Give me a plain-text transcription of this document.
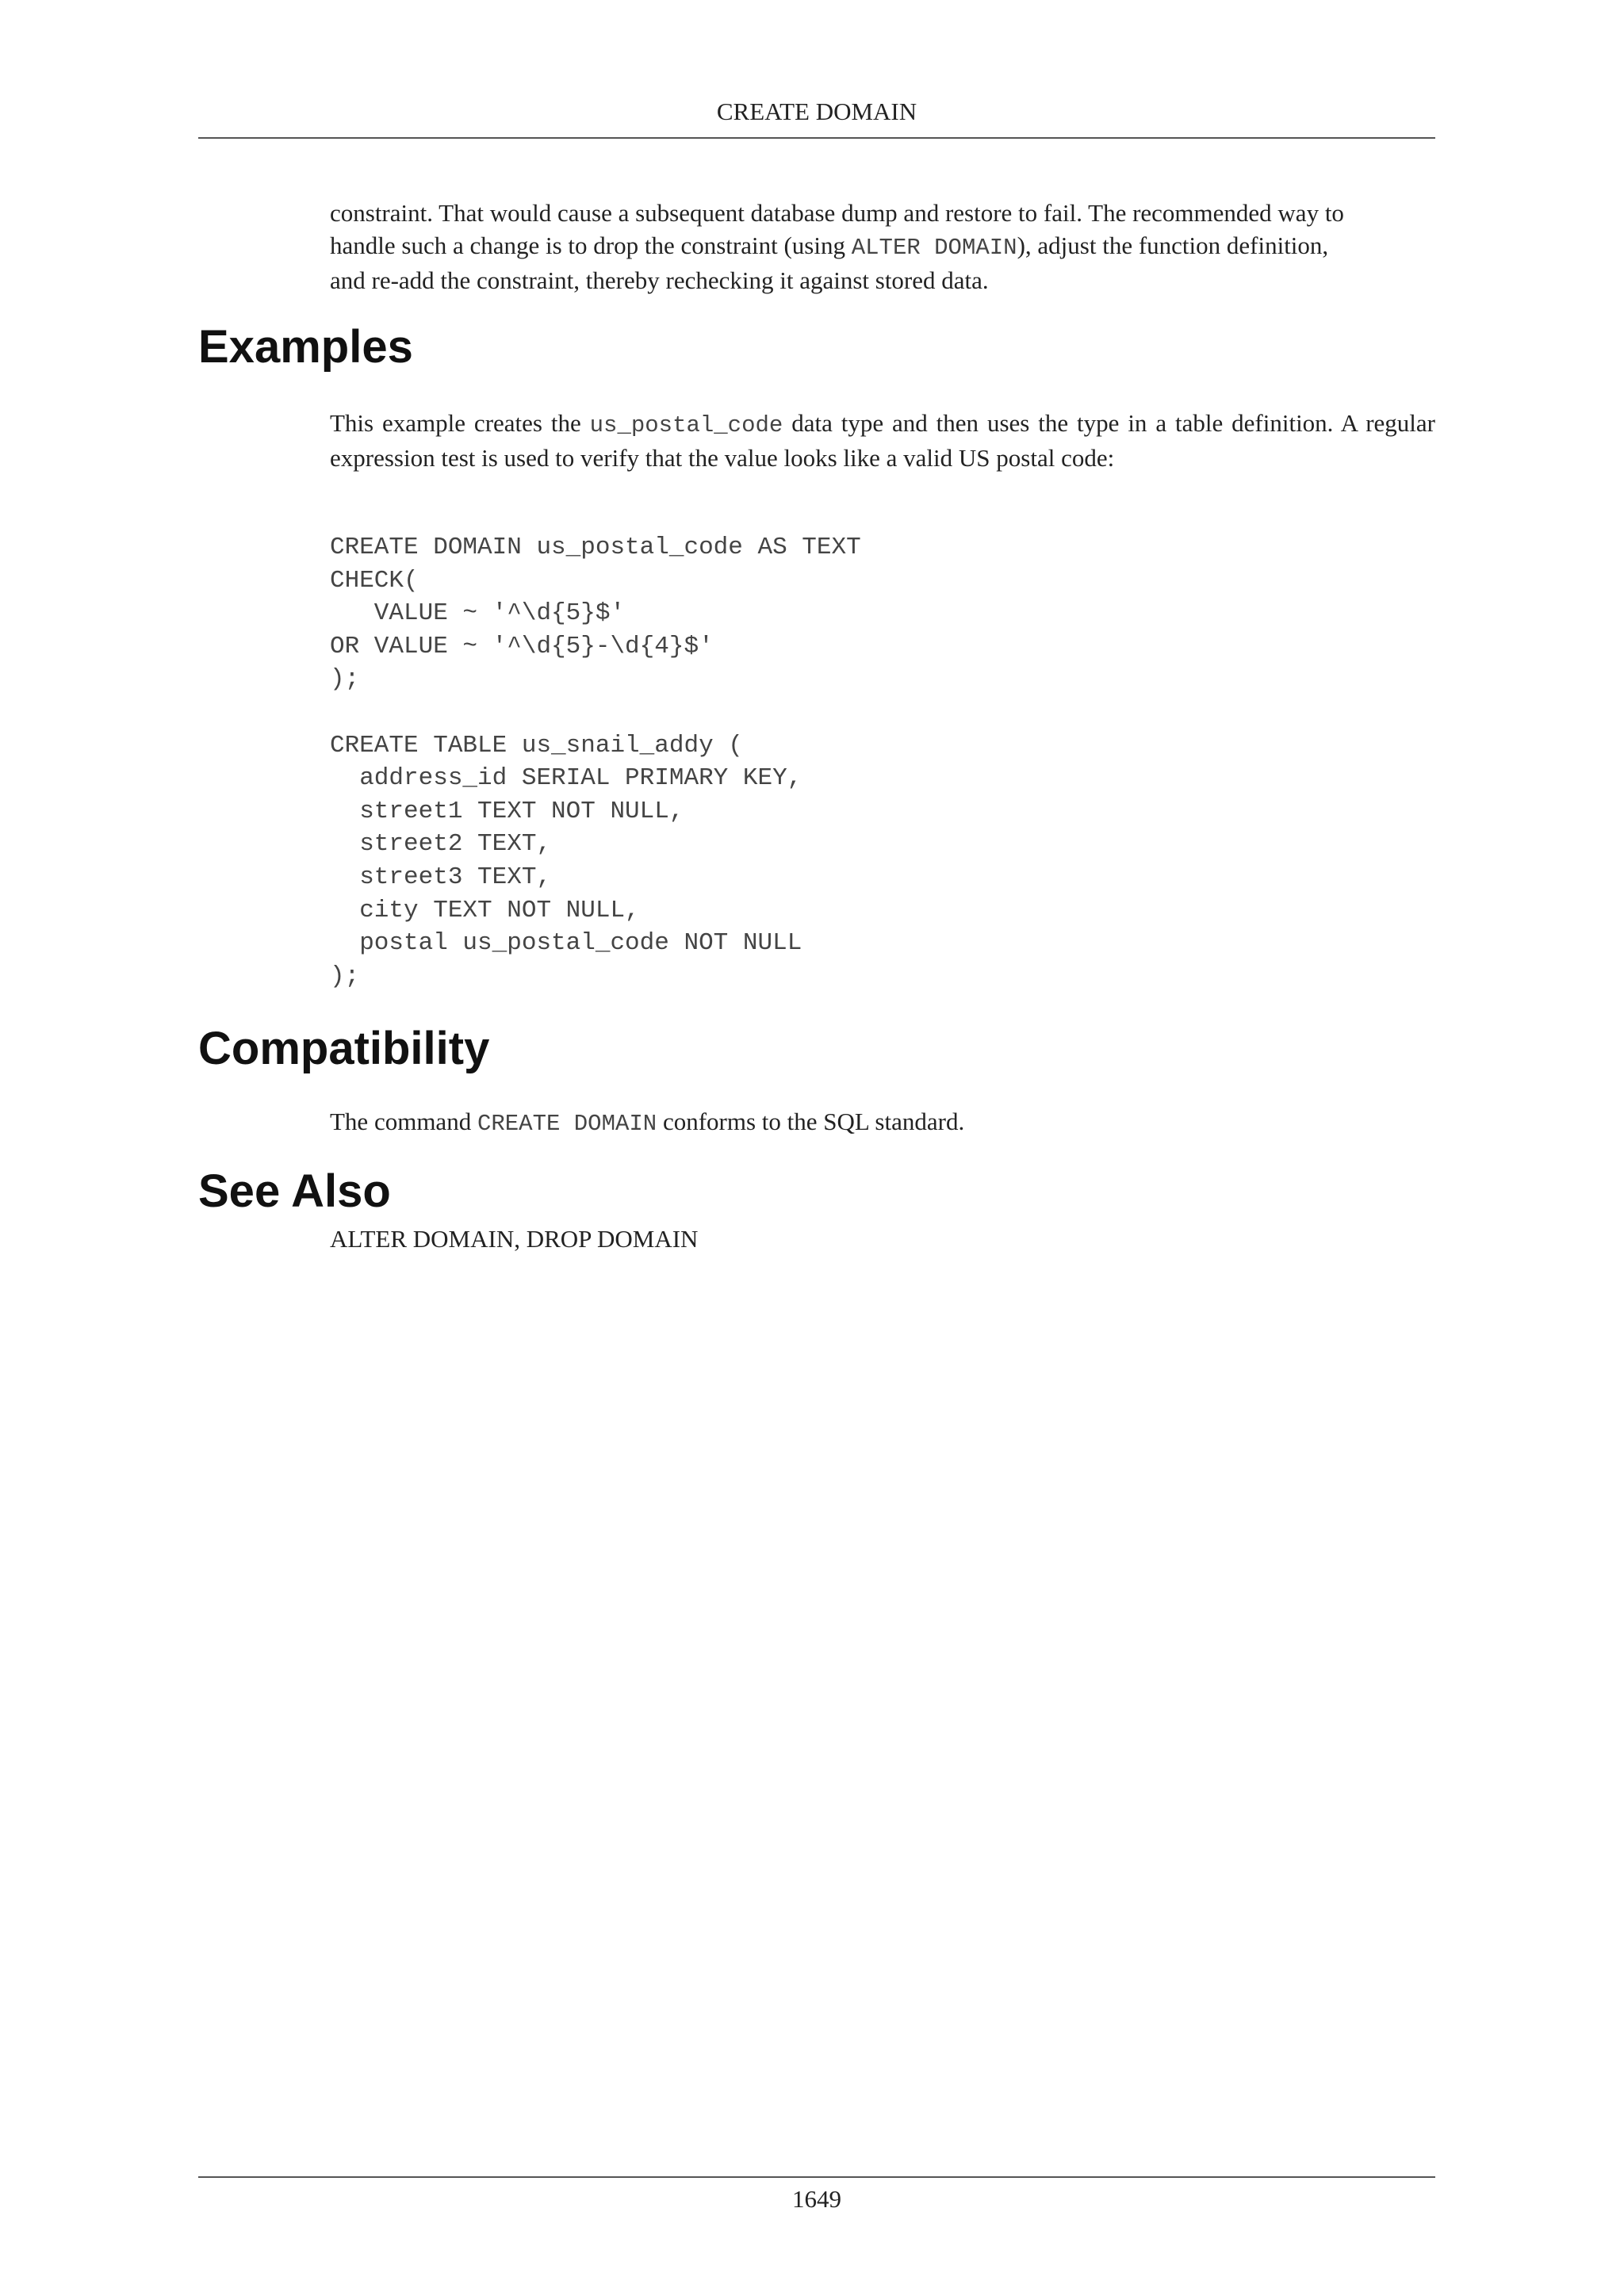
CREATE DOMAIN
constraint. That would cause a subsequent database dump and restore to fail. The recommended way to
handle such a change is to drop the constraint (using ALTER DOMAIN), adjust the function definition,
and re-add the constraint, thereby rechecking it against stored data.
Examples
This example creates the us_postal_code data type and then uses the type in a table definition. A regular expression test is used to verify that the value looks like a valid US postal code:
CREATE DOMAIN us_postal_code AS TEXT
CHECK(
VALUE ~ '^\d{5}$'
OR VALUE ~ '^\d{5}-\d{4}$'
);
CREATE TABLE us_snail_addy (
address_id SERIAL PRIMARY KEY,
street1 TEXT NOT NULL,
street2 TEXT,
street3 TEXT,
city TEXT NOT NULL,
postal us_postal_code NOT NULL
);
Compatibility
The command CREATE DOMAIN conforms to the SQL standard.
See Also
ALTER DOMAIN, DROP DOMAIN
1649
